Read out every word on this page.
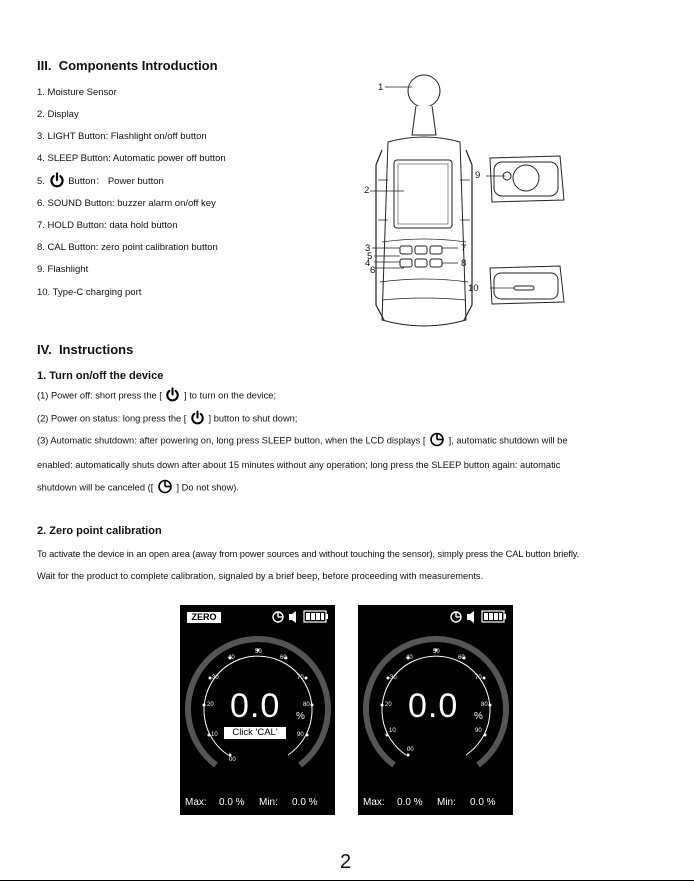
III. Components Introduction
1. Moisture Sensor
2. Display
3. LIGHT Button: Flashlight on/off button
4. SLEEP Button: Automatic power off button
5. Button： Power button
6. SOUND Button: buzzer alarm on/off key
7. HOLD Button: data hold button
8. CAL Button: zero point calibration button
9. Flashlight
10. Type-C charging port
1
2
3
5
4
6
7
8
9
10
IV. Instructions
1. Turn on/off the device
(1) Power off: short press the [ ] to turn on the device;
(2) Power on status: long press the [ ] button to shut down;
(3) Automatic shutdown: after powering on, long press SLEEP button, when the LCD displays [ ], automatic shutdown will be
enabled: automatically shuts down after about 15 minutes without any operation; long press the SLEEP button again: automatic
shutdown will be canceled ([ ] Do not show).
2. Zero point calibration
To activate the device in an open area (away from power sources and without touching the sensor), simply press the CAL button briefly.
Wait for the product to complete calibration, signaled by a brief beep, before proceeding with measurements.
ZERO
00
10
20
30
40
50
60
70
80
90
0.0 %
Click 'CAL'
Max: 0.0 % Min: 0.0 %
00
10
20
30
40
50
60
70
80
90
0.0 %
Max: 0.0 % Min: 0.0 %
2
